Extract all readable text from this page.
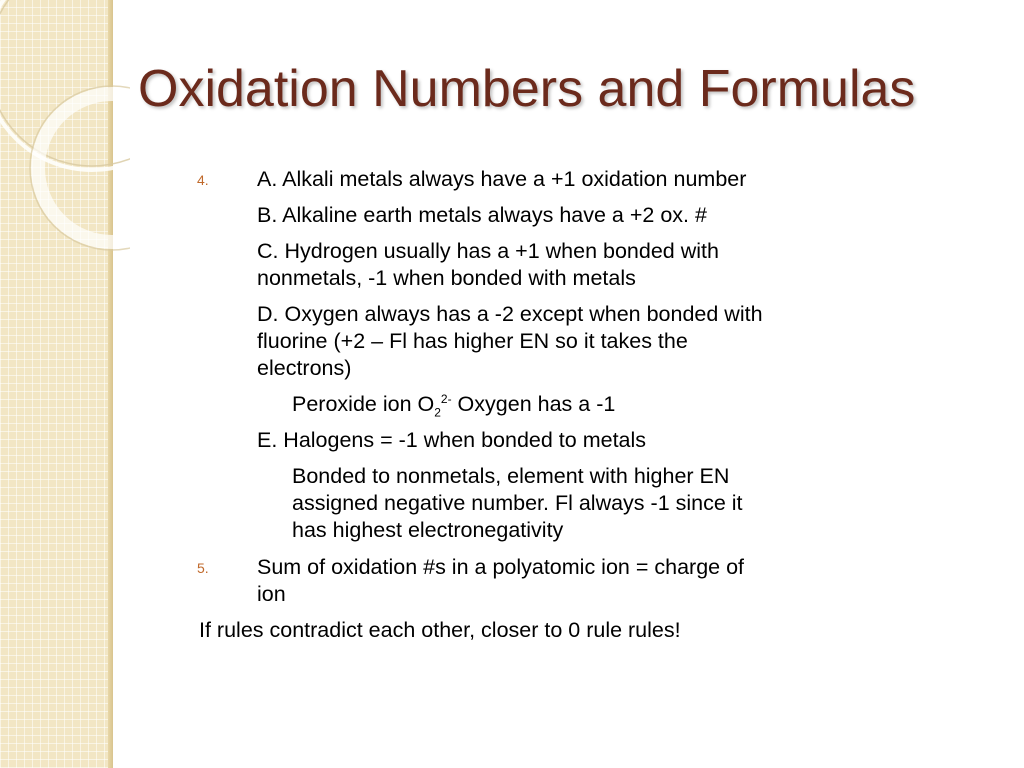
Oxidation Numbers and Formulas
4. A. Alkali metals always have a +1 oxidation number
B. Alkaline earth metals always have a +2 ox. #
C. Hydrogen usually has a +1 when bonded with
nonmetals, -1 when bonded with metals
D. Oxygen always has a -2 except when bonded with
fluorine (+2 – Fl has higher EN so it takes the
electrons)
Peroxide ion $O_2^{2-}$ Oxygen has a -1
E. Halogens = -1 when bonded to metals
Bonded to nonmetals, element with higher EN
assigned negative number. Fl always -1 since it
has highest electronegativity
5. Sum of oxidation #s in a polyatomic ion = charge of
ion
If rules contradict each other, closer to 0 rule rules!
